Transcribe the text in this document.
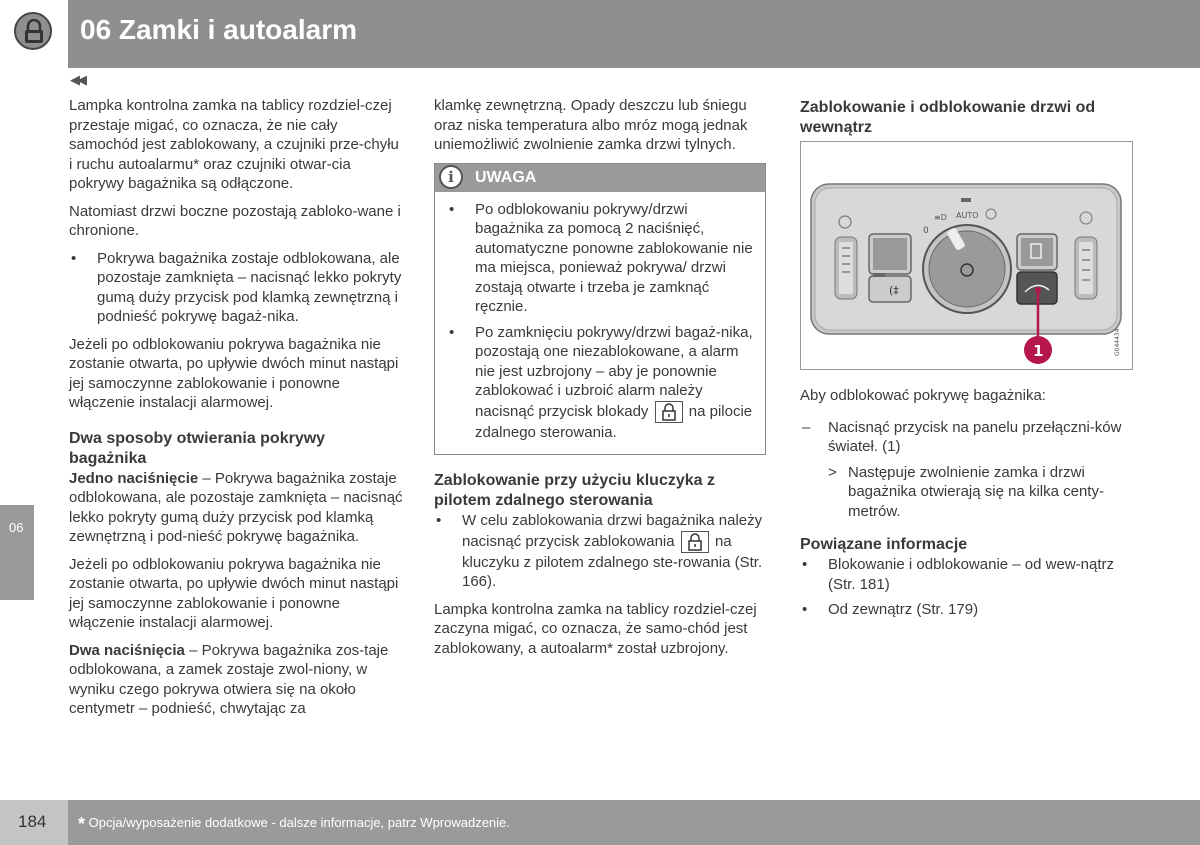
06 Zamki i autoalarm
◀◀
06

Lampka kontrolna zamka na tablicy rozdziel-czej przestaje migać, co oznacza, że nie cały samochód jest zablokowany, a czujniki prze-chyłu i ruchu autoalarmu* oraz czujniki otwar-cia pokrywy bagażnika są odłączone.

Natomiast drzwi boczne pozostają zabloko-wane i chronione.

• Pokrywa bagażnika zostaje odblokowana, ale pozostaje zamknięta – nacisnąć lekko pokryty gumą duży przycisk pod klamką zewnętrzną i podnieść pokrywę bagaż-nika.

Jeżeli po odblokowaniu pokrywa bagażnika nie zostanie otwarta, po upływie dwóch minut nastąpi jej samoczynne zablokowanie i ponowne włączenie instalacji alarmowej.

Dwa sposoby otwierania pokrywy bagażnika

Jedno naciśnięcie – Pokrywa bagażnika zostaje odblokowana, ale pozostaje zamknięta – nacisnąć lekko pokryty gumą duży przycisk pod klamką zewnętrzną i pod-nieść pokrywę bagażnika.

Jeżeli po odblokowaniu pokrywa bagażnika nie zostanie otwarta, po upływie dwóch minut nastąpi jej samoczynne zablokowanie i ponowne włączenie instalacji alarmowej.

Dwa naciśnięcia – Pokrywa bagażnika zos-taje odblokowana, a zamek zostaje zwol-niony, w wyniku czego pokrywa otwiera się na około centymetr – podnieść, chwytając za

klamkę zewnętrzną. Opady deszczu lub śniegu oraz niska temperatura albo mróz mogą jednak uniemożliwić zwolnienie zamka drzwi tylnych.

i	UWAGA
• Po odblokowaniu pokrywy/drzwi bagażnika za pomocą 2 naciśnięć, automatyczne ponowne zablokowanie nie ma miejsca, ponieważ pokrywa/ drzwi zostają otwarte i trzeba je zamknąć ręcznie.
• Po zamknięciu pokrywy/drzwi bagaż-nika, pozostają one niezablokowane, a alarm nie jest uzbrojony – aby je ponownie zablokować i uzbroić alarm należy nacisnąć przycisk blokady	na pilocie zdalnego sterowania.
Zablokowanie przy użyciu kluczyka z pilotem zdalnego sterowania
• W celu zablokowania drzwi bagażnika należy nacisnąć przycisk zablokowania	na kluczyku z pilotem zdalnego ste-rowania (Str. 166).

Lampka kontrolna zamka na tablicy rozdziel-czej zaczyna migać, co oznacza, że samo-chód jest zablokowany, a autoalarm* został uzbrojony.

Zablokowanie i odblokowanie drzwi od wewnątrz
(‡
≡D AUTO
0
1	G044434

Aby odblokować pokrywę bagażnika:

– Nacisnąć przycisk na panelu przełączni-ków świateł. (1)
> Następuje zwolnienie zamka i drzwi bagażnika otwierają się na kilka centy-metrów.
Powiązane informacje
• Blokowanie i odblokowanie – od wew-nątrz (Str. 181)
• Od zewnątrz (Str. 179)
184 * Opcja/wyposażenie dodatkowe - dalsze informacje, patrz Wprowadzenie.
